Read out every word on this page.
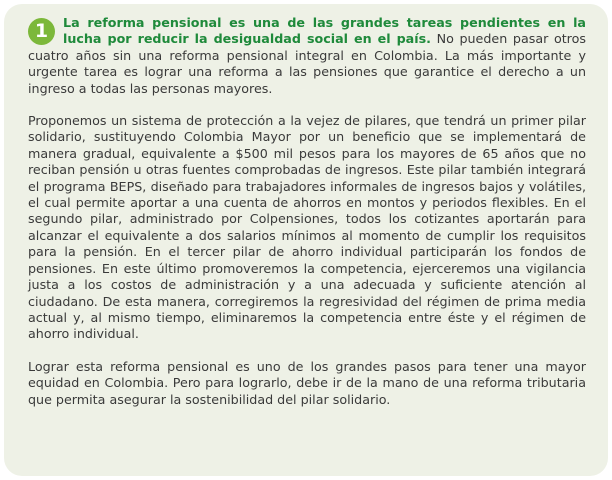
1	La reforma pensional es una de las grandes tareas pendientes en la lucha por reducir la desigualdad social en el país. No pueden pasar otros cuatro años sin una reforma pensional integral en Colombia. La más importante y urgente tarea es lograr una reforma a las pensiones que garantice el derecho a un ingreso a todas las personas mayores.

Proponemos un sistema de protección a la vejez de pilares, que tendrá un primer pilar solidario, sustituyendo Colombia Mayor por un beneficio que se implementará de manera gradual, equivalente a $500 mil pesos para los mayores de 65 años que no reciban pensión u otras fuentes comprobadas de ingresos. Este pilar también integrará el programa BEPS, diseñado para trabajadores informales de ingresos bajos y volátiles, el cual permite aportar a una cuenta de ahorros en montos y periodos flexibles. En el segundo pilar, administrado por Colpensiones, todos los cotizantes aportarán para alcanzar el equivalente a dos salarios mínimos al momento de cumplir los requisitos para la pensión. En el tercer pilar de ahorro individual participarán los fondos de pensiones. En este último promoveremos la competencia, ejerceremos una vigilancia justa a los costos de administración y a una adecuada y suficiente atención al ciudadano. De esta manera, corregiremos la regresividad del régimen de prima media actual y, al mismo tiempo, eliminaremos la competencia entre éste y el régimen de ahorro individual.

Lograr esta reforma pensional es uno de los grandes pasos para tener una mayor equidad en Colombia. Pero para lograrlo, debe ir de la mano de una reforma tributaria que permita asegurar la sostenibilidad del pilar solidario.
